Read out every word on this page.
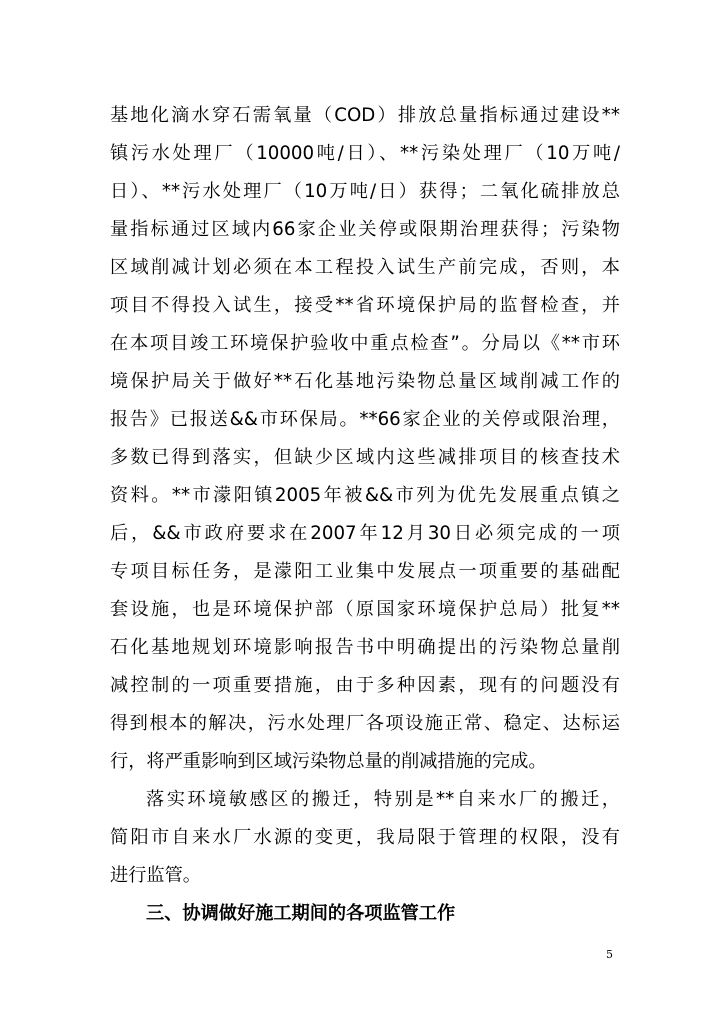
基地化滴水穿石需氧量（COD）排放总量指标通过建设**
镇污水处理厂（10000吨/日）、**污染处理厂（10万吨/
日）、**污水处理厂（10万吨/日）获得；二氧化硫排放总
量指标通过区域内66家企业关停或限期治理获得；污染物
区域削减计划必须在本工程投入试生产前完成，否则，本
项目不得投入试生，接受**省环境保护局的监督检查，并
在本项目竣工环境保护验收中重点检查”。分局以《**市环
境保护局关于做好**石化基地污染物总量区域削减工作的
报告》已报送&&市环保局。**66家企业的关停或限治理，
多数已得到落实，但缺少区域内这些减排项目的核查技术
资料。**市濛阳镇2005年被&&市列为优先发展重点镇之
后，&&市政府要求在2007年12月30日必须完成的一项
专项目标任务，是濛阳工业集中发展点一项重要的基础配
套设施，也是环境保护部（原国家环境保护总局）批复**
石化基地规划环境影响报告书中明确提出的污染物总量削
减控制的一项重要措施，由于多种因素，现有的问题没有
得到根本的解决，污水处理厂各项设施正常、稳定、达标运
行，将严重影响到区域污染物总量的削减措施的完成。
落实环境敏感区的搬迁，特别是**自来水厂的搬迁，
简阳市自来水厂水源的变更，我局限于管理的权限，没有
进行监管。
三、协调做好施工期间的各项监管工作
5
